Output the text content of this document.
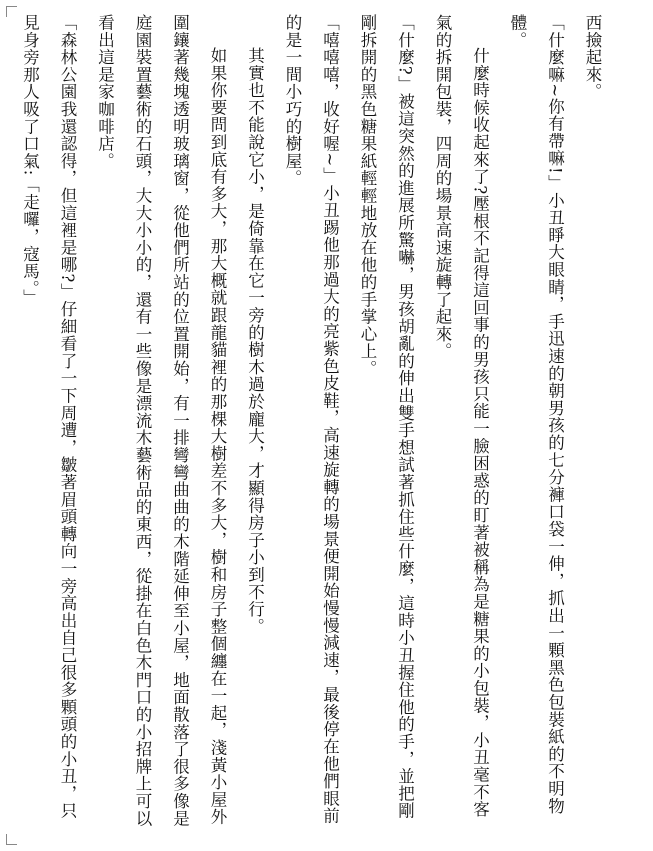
西撿起來。

「什麼嘛~你有帶嘛!」小丑睜大眼睛，手迅速的朝男孩的七分褲口袋一伸，抓出一顆黑色包裝紙的不明物體。

什麼時候收起來了?壓根不記得這回事的男孩只能一臉困惑的盯著被稱為是糖果的小包裝，小丑毫不客氣的拆開包裝，四周的場景高速旋轉了起來。

「什麼?」被這突然的進展所驚嚇，男孩胡亂的伸出雙手想試著抓住些什麼，這時小丑握住他的手，並把剛剛拆開的黑色糖果紙輕輕地放在他的手掌心上。

「嘻嘻嘻，收好喔~」小丑踢他那過大的亮紫色皮鞋，高速旋轉的場景便開始慢慢減速，最後停在他們眼前的是一間小巧的樹屋。

其實也不能說它小，是倚靠在它一旁的樹木過於龐大，才顯得房子小到不行。

如果你要問到底有多大，那大概就跟龍貓裡的那棵大樹差不多大，樹和房子整個纏在一起，淺黃小屋外圍鑲著幾塊透明玻璃窗，從他們所站的位置開始，有一排彎彎曲曲的木階延伸至小屋，地面散落了很多像是庭園裝置藝術的石頭，大大小小的，還有一些像是漂流木藝術品的東西，從掛在白色木門口的小招牌上可以看出這是家咖啡店。

「森林公園我還認得，但這裡是哪?」仔細看了一下周遭，皺著眉頭轉向一旁高出自己很多顆頭的小丑，只見身旁那人吸了口氣:「走囉，寇馬。」
